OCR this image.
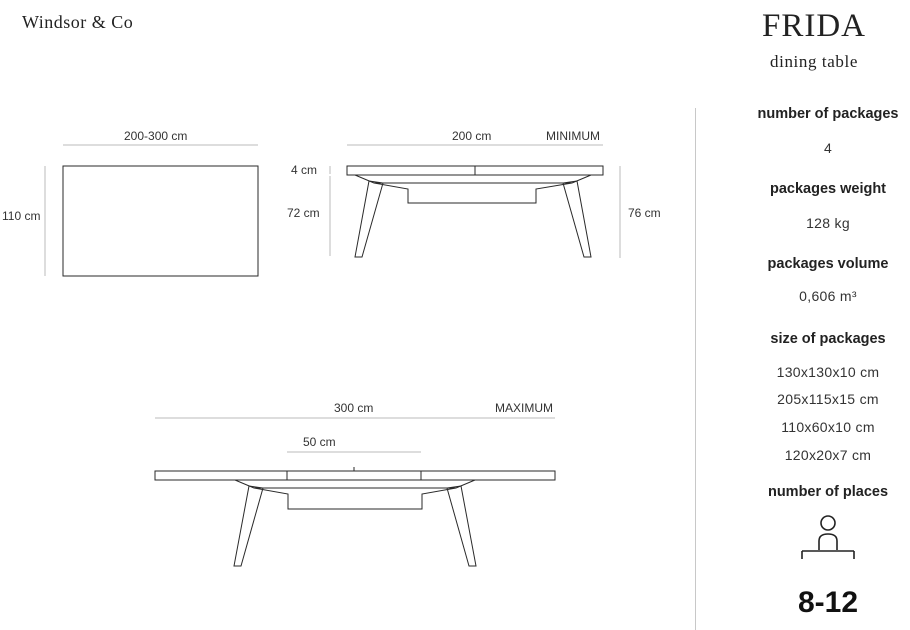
Windsor & Co	FRIDA
dining table
200-300 cm
110 cm
200 cm	MINIMUM
4 cm
72 cm	76 cm
300 cm	MAXIMUM
50 cm
number of packages
4
packages weight
128 kg
packages volume
0,606 m³
size of packages
130x130x10 cm
205x115x15 cm
110x60x10 cm
120x20x7 cm
number of places
8-12
